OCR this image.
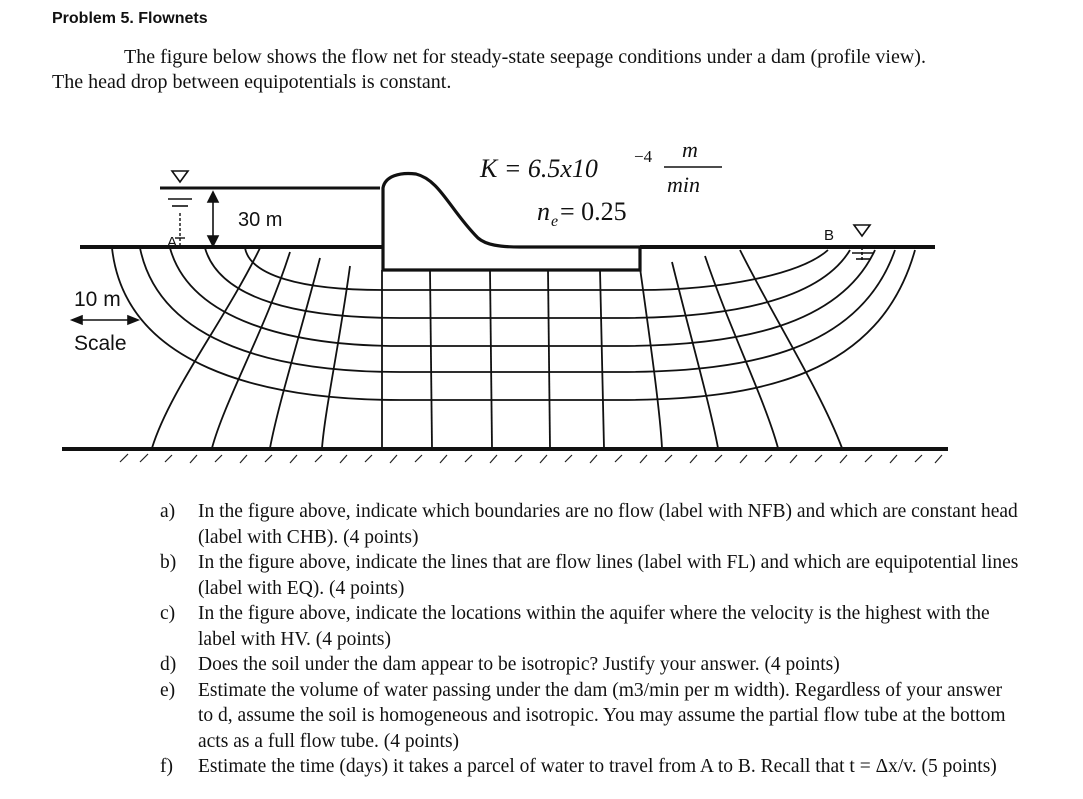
Problem 5. Flownets
The figure below shows the flow net for steady-state seepage conditions under a dam (profile view).
The head drop between equipotentials is constant.
30 m
A	B
10 m
Scale
K = 6.5x10 −4 m
min
n e = 0.25
a)	In the figure above, indicate which boundaries are no flow (label with NFB) and which are constant head (label with CHB). (4 points)
b)	In the figure above, indicate the lines that are flow lines (label with FL) and which are equipotential lines (label with EQ). (4 points)
c)	In the figure above, indicate the locations within the aquifer where the velocity is the highest with the label with HV. (4 points)
d)	Does the soil under the dam appear to be isotropic? Justify your answer. (4 points)
e)	Estimate the volume of water passing under the dam (m3/min per m width). Regardless of your answer to d, assume the soil is homogeneous and isotropic. You may assume the partial flow tube at the bottom acts as a full flow tube. (4 points)
f)	Estimate the time (days) it takes a parcel of water to travel from A to B. Recall that t = Δx/v. (5 points)
